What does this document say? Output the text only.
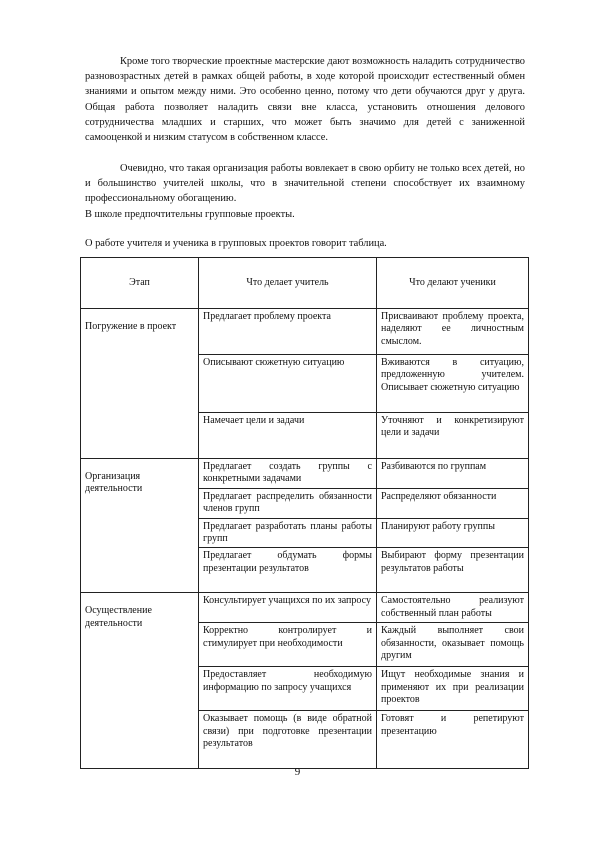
Кроме того творческие проектные мастерские дают возможность наладить сотрудничество разновозрастных детей в рамках общей работы, в ходе которой происходит естественный обмен знаниями и опытом между ними. Это особенно ценно, потому что дети обучаются друг у друга. Общая работа позволяет наладить связи вне класса, установить отношения делового сотрудничества младших и старших, что может быть значимо для детей с заниженной самооценкой и низким статусом в собственном классе.

Очевидно, что такая организация работы вовлекает в свою орбиту не только всех детей, но и большинство учителей школы, что в значительной степени способствует их взаимному профессиональному обогащению.

В школе предпочтительны групповые проекты.

О работе учителя и ученика в групповых проектов говорит таблица.

Этап	Что делает учитель	Что делают ученики
Погружение в проект	Предлагает проблему проекта	Присваивают проблему проекта, наделяют ее личностным смыслом.
	Описывают сюжетную ситуацию	Вживаются в ситуацию, предложенную учителем. Описывает сюжетную ситуацию
	Намечает цели и задачи	Уточняют и конкретизируют цели и задачи
Организация деятельности	Предлагает создать группы с конкретными задачами	Разбиваются по группам
	Предлагает распределить обязанности членов групп	Распределяют обязанности
	Предлагает разработать планы работы групп	Планируют работу группы
	Предлагает обдумать формы презентации результатов	Выбирают форму презентации результатов работы
Осуществление деятельности	Консультирует учащихся по их запросу	Самостоятельно реализуют собственный план работы
	Корректно контролирует и стимулирует при необходимости	Каждый выполняет свои обязанности, оказывает помощь другим
	Предоставляет необходимую информацию по запросу учащихся	Ищут необходимые знания и применяют их при реализации проектов
	Оказывает помощь (в виде обратной связи) при подготовке презентации результатов	Готовят и репетируют презентацию
9
